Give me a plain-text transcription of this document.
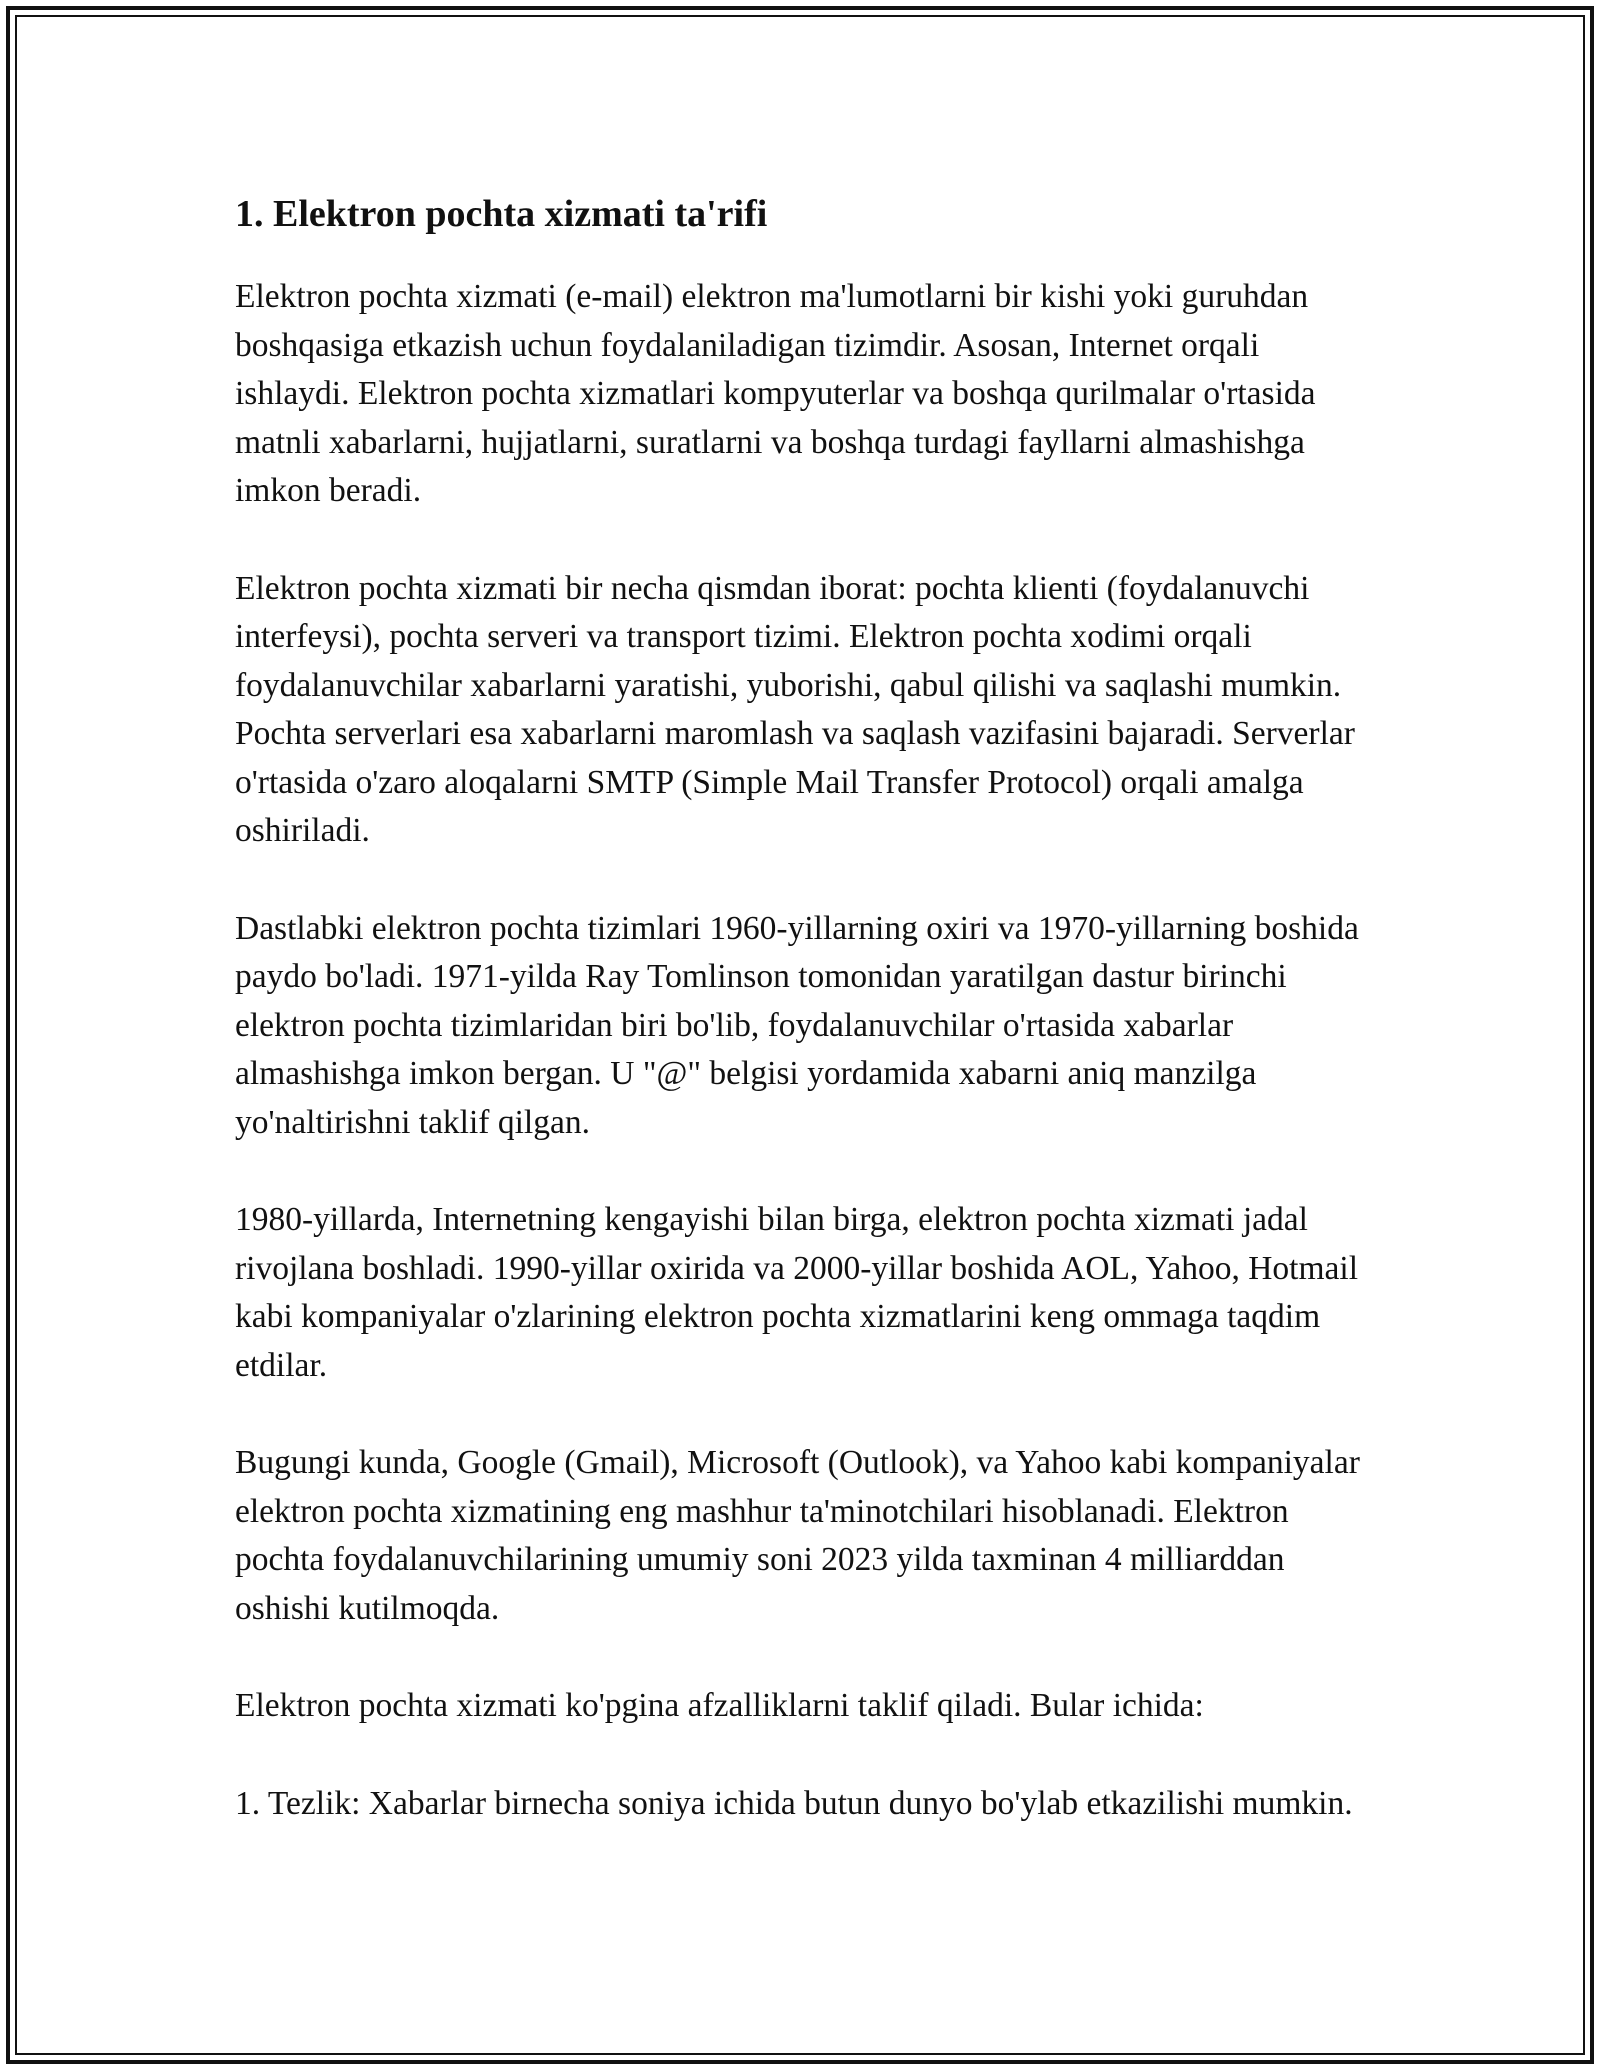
1. Elektron pochta xizmati ta'rifi

Elektron pochta xizmati (e-mail) elektron ma'lumotlarni bir kishi yoki guruhdan boshqasiga etkazish uchun foydalaniladigan tizimdir. Asosan, Internet orqali ishlaydi. Elektron pochta xizmatlari kompyuterlar va boshqa qurilmalar o'rtasida matnli xabarlarni, hujjatlarni, suratlarni va boshqa turdagi fayllarni almashishga imkon beradi.

Elektron pochta xizmati bir necha qismdan iborat: pochta klienti (foydalanuvchi interfeysi), pochta serveri va transport tizimi. Elektron pochta xodimi orqali foydalanuvchilar xabarlarni yaratishi, yuborishi, qabul qilishi va saqlashi mumkin. Pochta serverlari esa xabarlarni maromlash va saqlash vazifasini bajaradi. Serverlar o'rtasida o'zaro aloqalarni SMTP (Simple Mail Transfer Protocol) orqali amalga oshiriladi.

Dastlabki elektron pochta tizimlari 1960-yillarning oxiri va 1970-yillarning boshida paydo bo'ladi. 1971-yilda Ray Tomlinson tomonidan yaratilgan dastur birinchi elektron pochta tizimlaridan biri bo'lib, foydalanuvchilar o'rtasida xabarlar almashishga imkon bergan. U "@" belgisi yordamida xabarni aniq manzilga yo'naltirishni taklif qilgan.

1980-yillarda, Internetning kengayishi bilan birga, elektron pochta xizmati jadal rivojlana boshladi. 1990-yillar oxirida va 2000-yillar boshida AOL, Yahoo, Hotmail kabi kompaniyalar o'zlarining elektron pochta xizmatlarini keng ommaga taqdim etdilar.

Bugungi kunda, Google (Gmail), Microsoft (Outlook), va Yahoo kabi kompaniyalar elektron pochta xizmatining eng mashhur ta'minotchilari hisoblanadi. Elektron pochta foydalanuvchilarining umumiy soni 2023 yilda taxminan 4 milliarddan oshishi kutilmoqda.

Elektron pochta xizmati ko'pgina afzalliklarni taklif qiladi. Bular ichida:

1. Tezlik: Xabarlar birnecha soniya ichida butun dunyo bo'ylab etkazilishi mumkin.
